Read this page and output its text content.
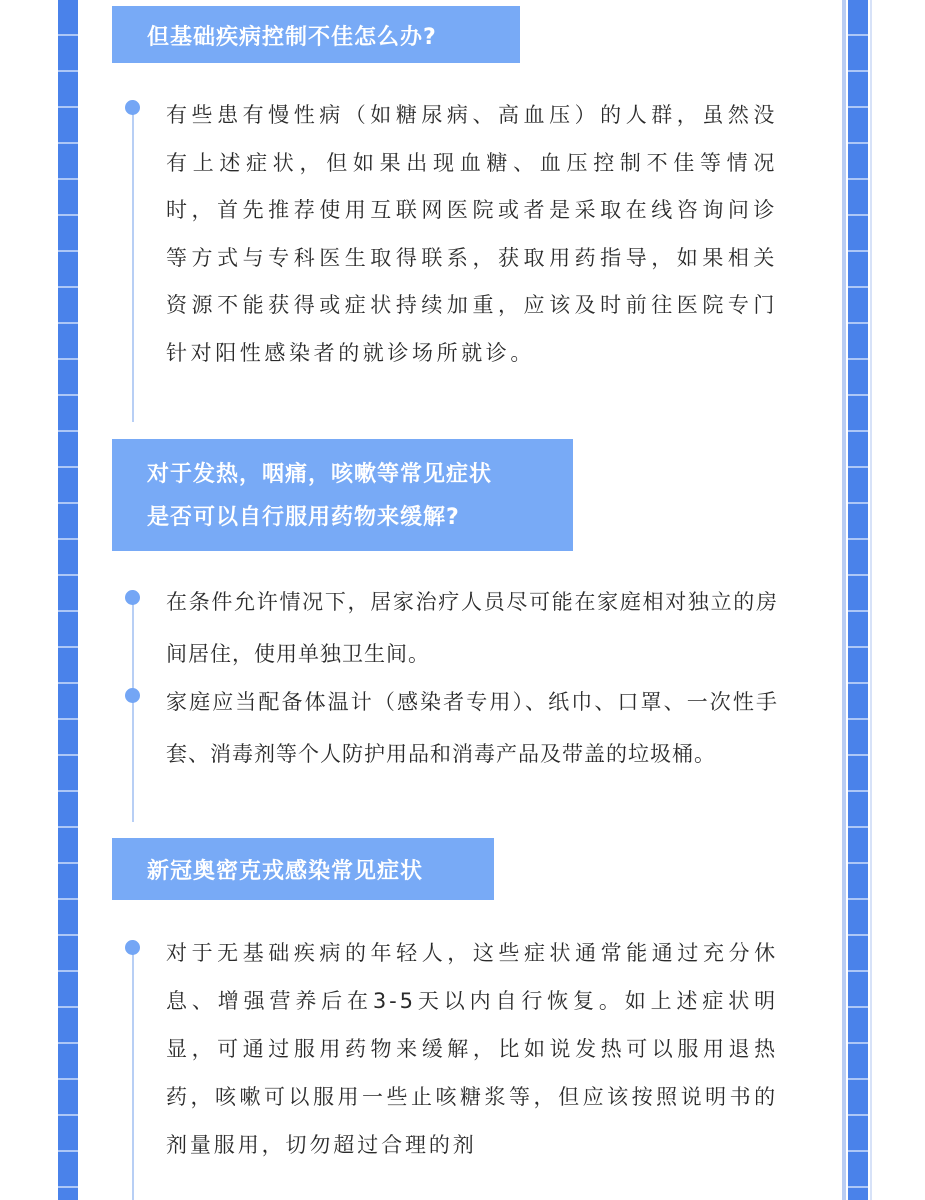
但基础疾病控制不佳怎么办?

有些患有慢性病（如糖尿病、高血压）的人群，虽然没有上述症状，但如果出现血糖、血压控制不佳等情况时，首先推荐使用互联网医院或者是采取在线咨询问诊等方式与专科医生取得联系，获取用药指导，如果相关资源不能获得或症状持续加重，应该及时前往医院专门针对阳性感染者的就诊场所就诊。

对于发热，咽痛，咳嗽等常见症状
是否可以自行服用药物来缓解?

在条件允许情况下，居家治疗人员尽可能在家庭相对独立的房间居住，使用单独卫生间。

家庭应当配备体温计（感染者专用）、纸巾、口罩、一次性手套、消毒剂等个人防护用品和消毒产品及带盖的垃圾桶。

新冠奥密克戎感染常见症状

对于无基础疾病的年轻人，这些症状通常能通过充分休息、增强营养后在3-5天以内自行恢复。如上述症状明显，可通过服用药物来缓解，比如说发热可以服用退热药，咳嗽可以服用一些止咳糖浆等，但应该按照说明书的剂量服用，切勿超过合理的剂
